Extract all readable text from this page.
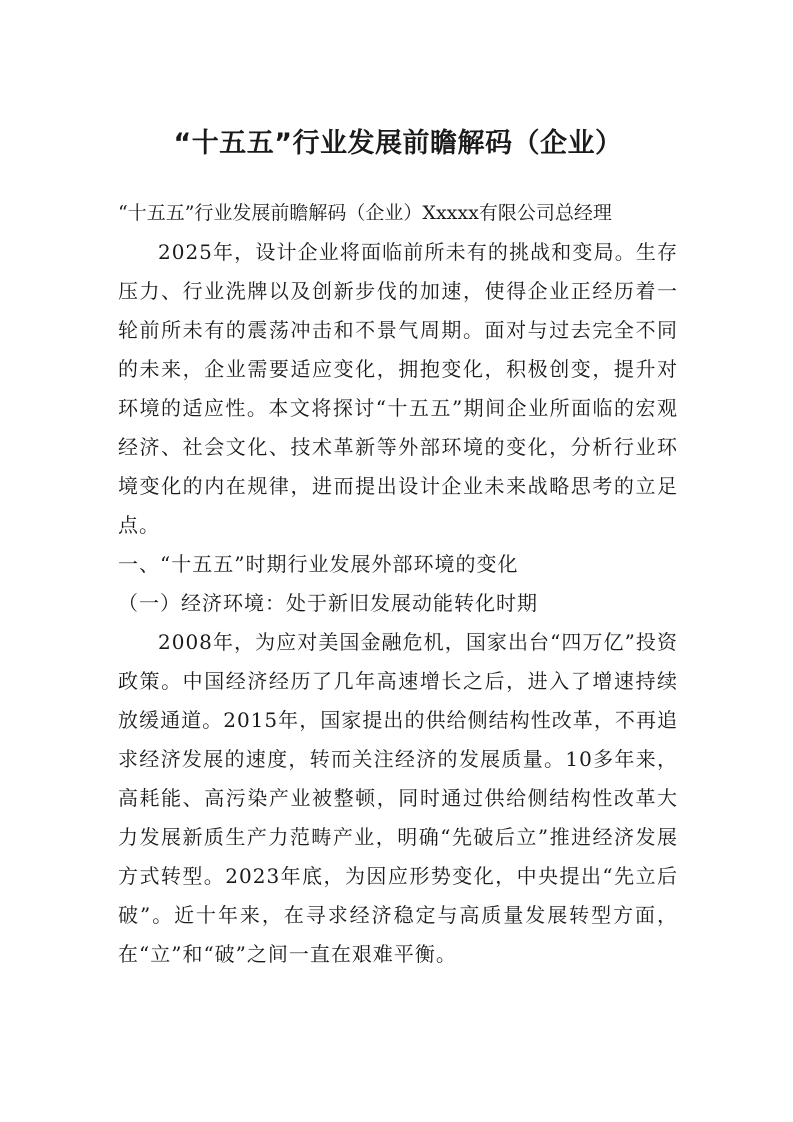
“十五五”行业发展前瞻解码（企业）

“十五五”行业发展前瞻解码（企业）Xxxxx有限公司总经理

2025年，设计企业将面临前所未有的挑战和变局。生存压力、行业洗牌以及创新步伐的加速，使得企业正经历着一轮前所未有的震荡冲击和不景气周期。面对与过去完全不同的未来，企业需要适应变化，拥抱变化，积极创变，提升对环境的适应性。本文将探讨“十五五”期间企业所面临的宏观经济、社会文化、技术革新等外部环境的变化，分析行业环境变化的内在规律，进而提出设计企业未来战略思考的立足点。

一、“十五五”时期行业发展外部环境的变化

（一）经济环境：处于新旧发展动能转化时期

2008年，为应对美国金融危机，国家出台“四万亿”投资政策。中国经济经历了几年高速增长之后，进入了增速持续放缓通道。2015年，国家提出的供给侧结构性改革，不再追求经济发展的速度，转而关注经济的发展质量。10多年来，高耗能、高污染产业被整顿，同时通过供给侧结构性改革大力发展新质生产力范畴产业，明确“先破后立”推进经济发展方式转型。2023年底，为因应形势变化，中央提出“先立后破”。近十年来，在寻求经济稳定与高质量发展转型方面，在“立”和“破”之间一直在艰难平衡。
